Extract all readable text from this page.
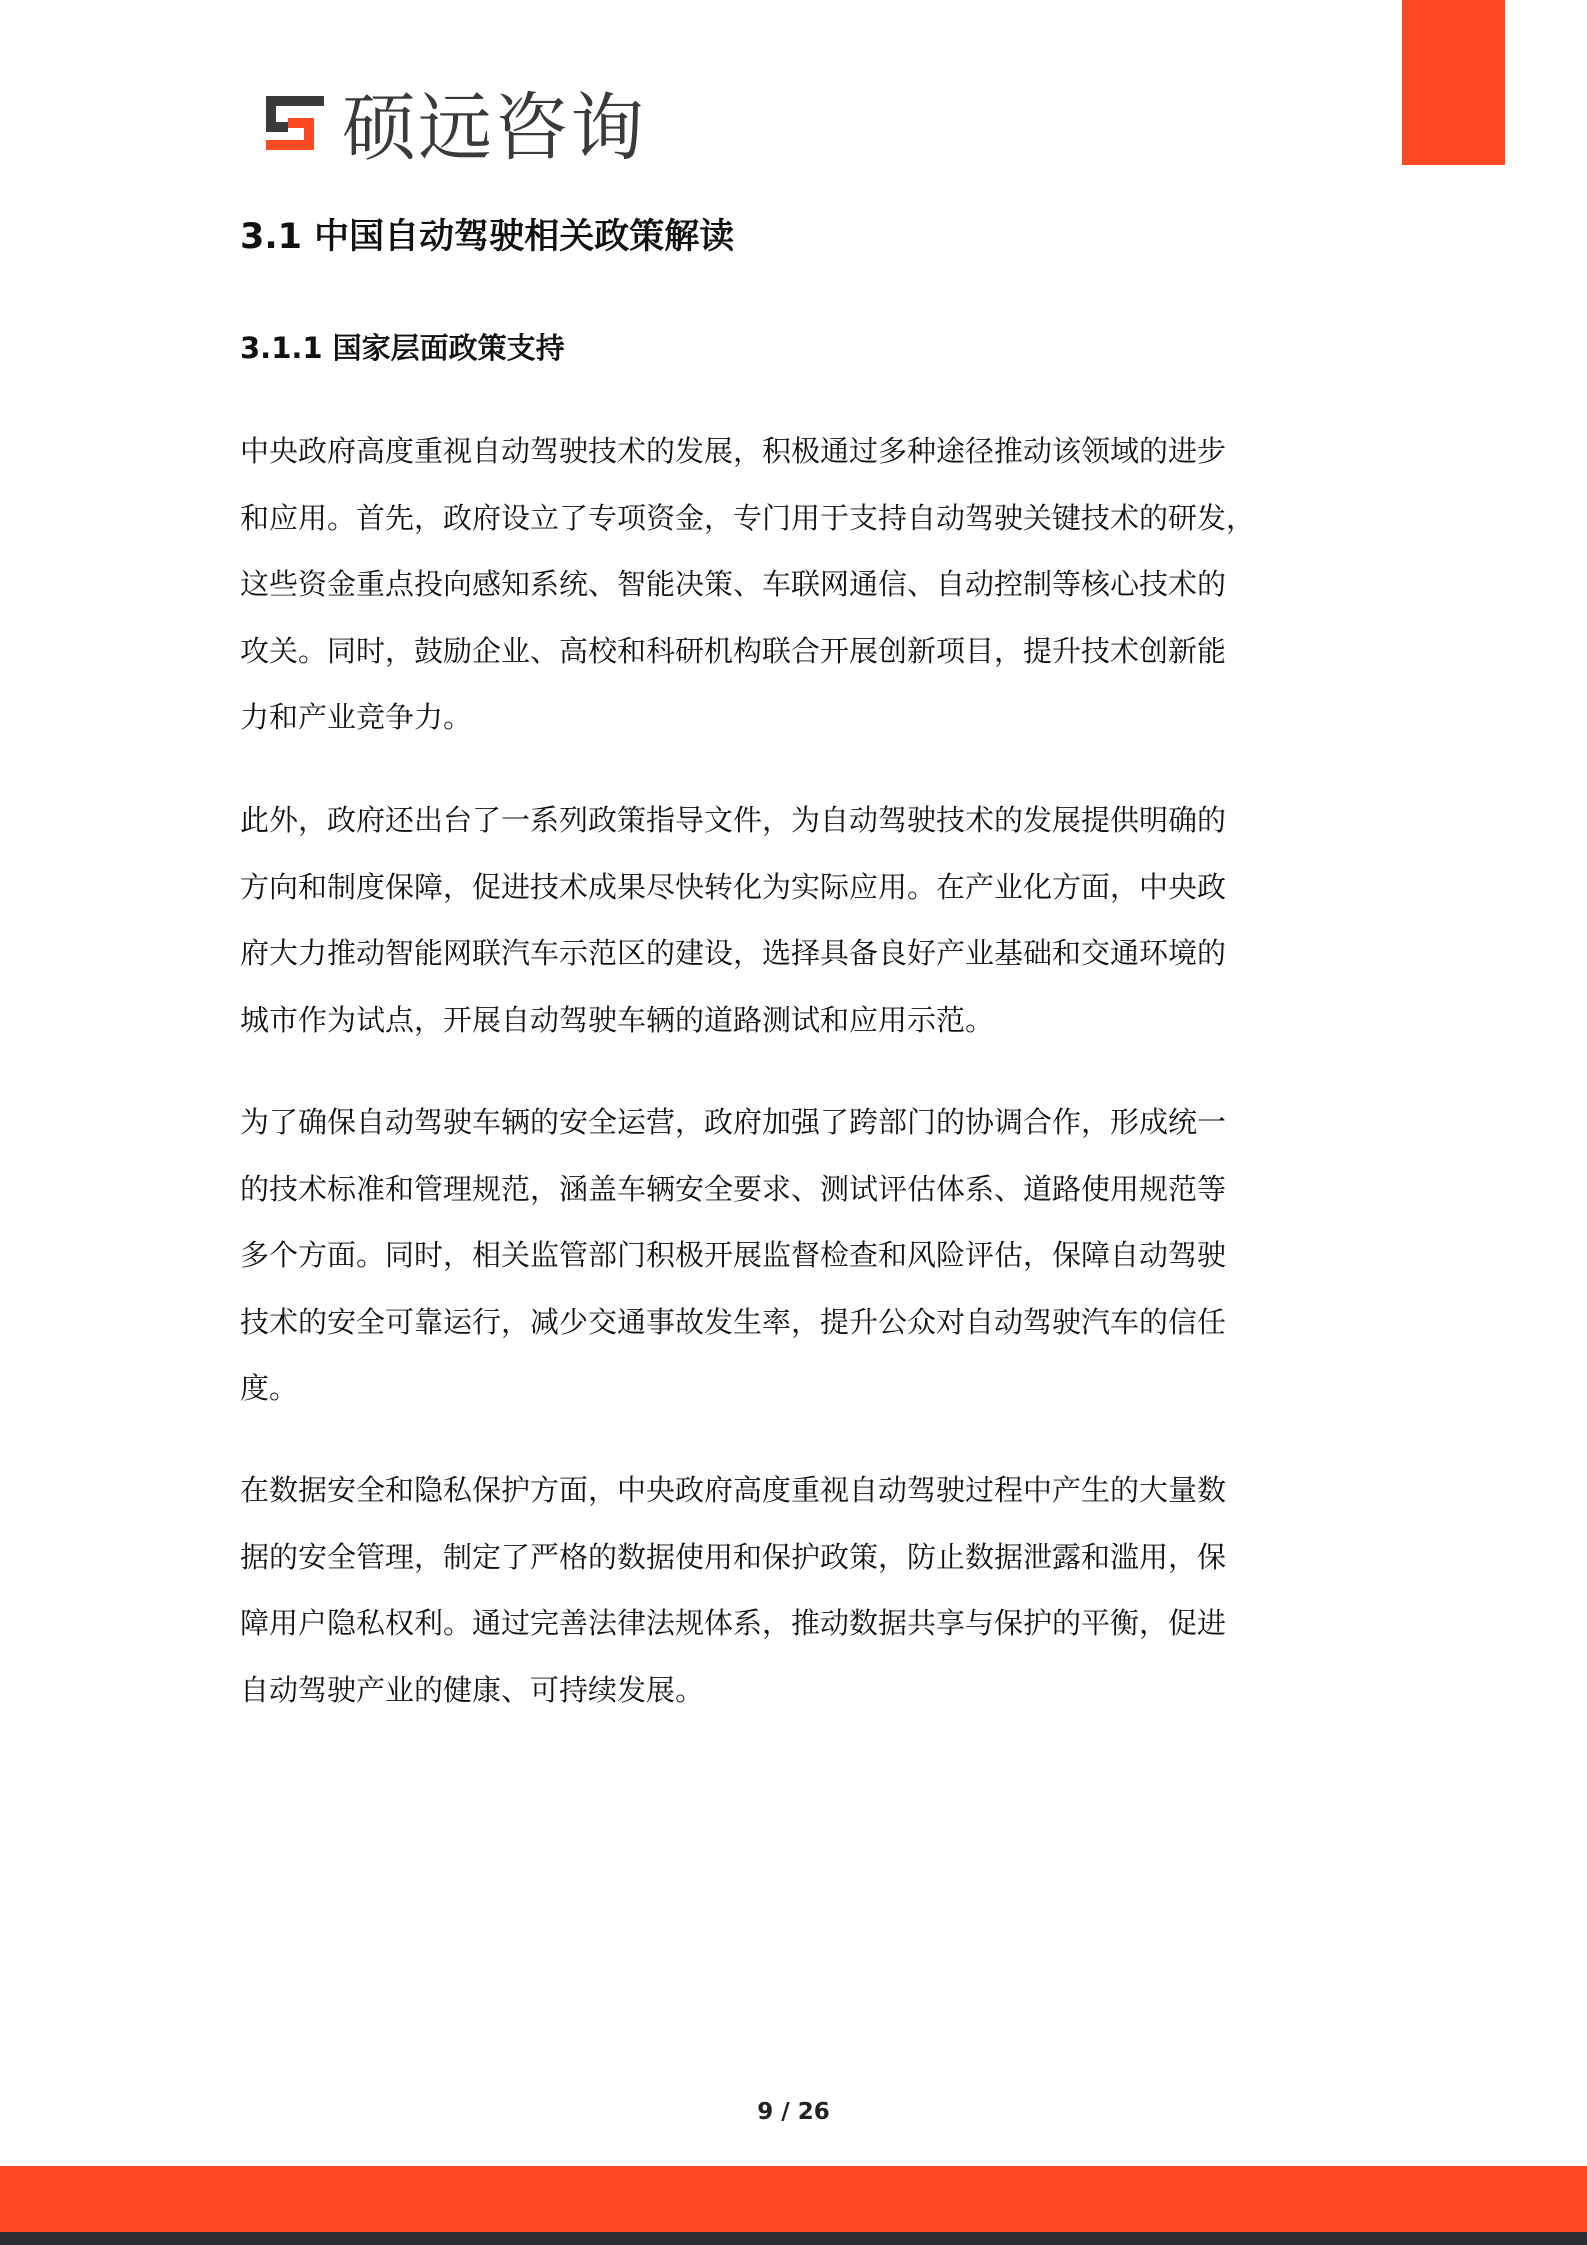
硕远咨询
3.1 中国自动驾驶相关政策解读
3.1.1 国家层面政策支持
中央政府高度重视自动驾驶技术的发展，积极通过多种途径推动该领域的进步
和应用。首先，政府设立了专项资金，专门用于支持自动驾驶关键技术的研发，
这些资金重点投向感知系统、智能决策、车联网通信、自动控制等核心技术的
攻关。同时，鼓励企业、高校和科研机构联合开展创新项目，提升技术创新能
力和产业竞争力。
此外，政府还出台了一系列政策指导文件，为自动驾驶技术的发展提供明确的
方向和制度保障，促进技术成果尽快转化为实际应用。在产业化方面，中央政
府大力推动智能网联汽车示范区的建设，选择具备良好产业基础和交通环境的
城市作为试点，开展自动驾驶车辆的道路测试和应用示范。
为了确保自动驾驶车辆的安全运营，政府加强了跨部门的协调合作，形成统一
的技术标准和管理规范，涵盖车辆安全要求、测试评估体系、道路使用规范等
多个方面。同时，相关监管部门积极开展监督检查和风险评估，保障自动驾驶
技术的安全可靠运行，减少交通事故发生率，提升公众对自动驾驶汽车的信任
度。
在数据安全和隐私保护方面，中央政府高度重视自动驾驶过程中产生的大量数
据的安全管理，制定了严格的数据使用和保护政策，防止数据泄露和滥用，保
障用户隐私权利。通过完善法律法规体系，推动数据共享与保护的平衡，促进
自动驾驶产业的健康、可持续发展。
9 / 26
